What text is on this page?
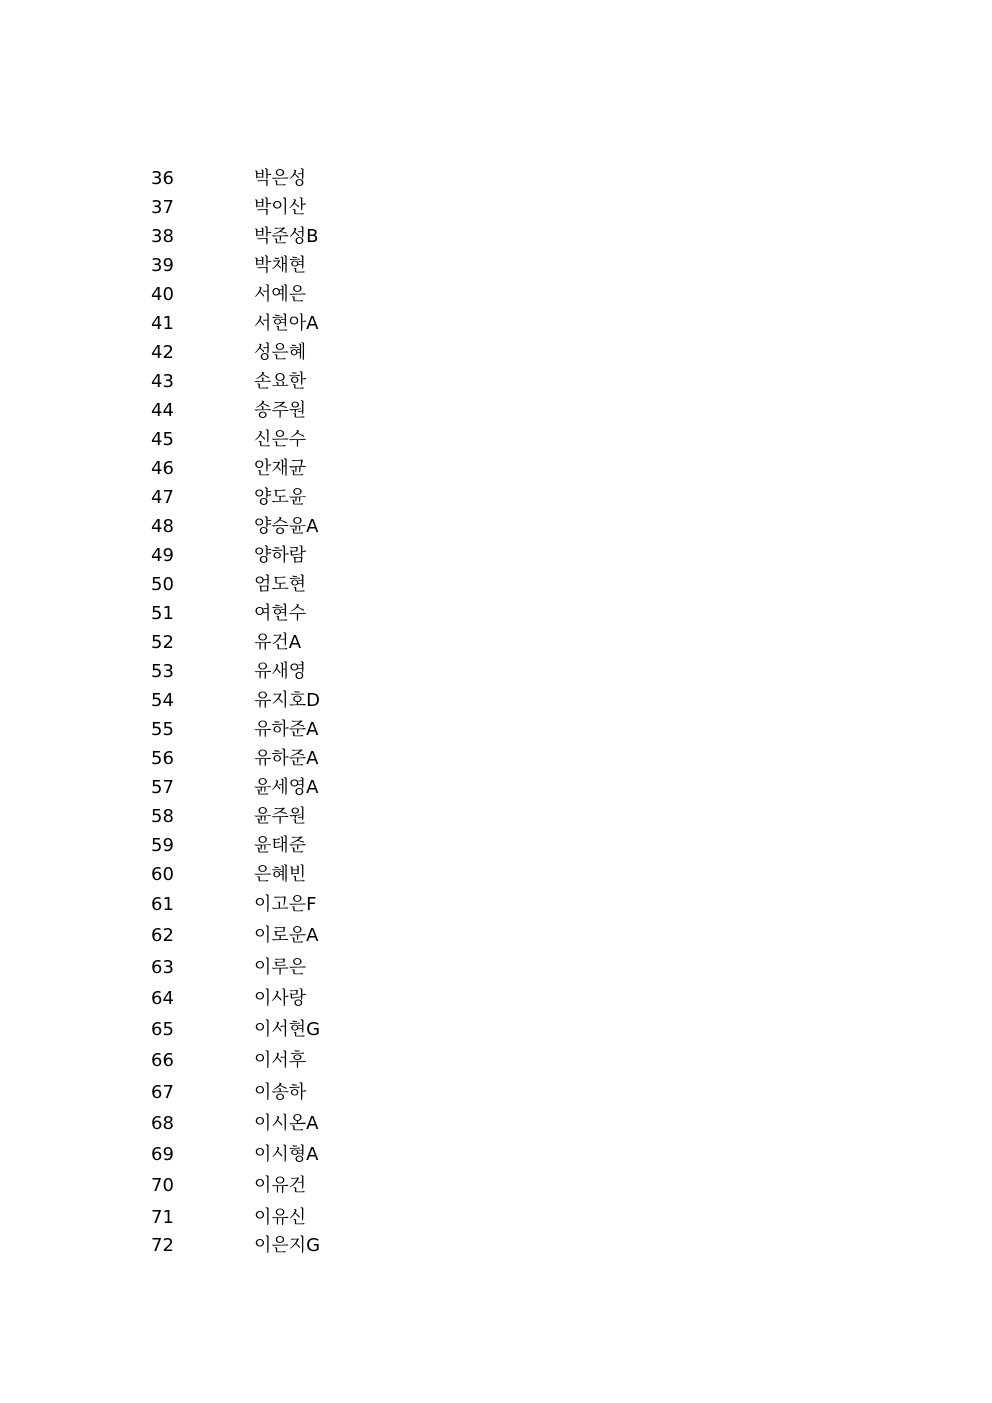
36	박은성
37	박이산
38	박준성B
39	박채현
40	서예은
41	서현아A
42	성은혜
43	손요한
44	송주원
45	신은수
46	안재균
47	양도윤
48	양승윤A
49	양하람
50	엄도현
51	여현수
52	유건A
53	유새영
54	유지호D
55	유하준A
56	유하준A
57	윤세영A
58	윤주원
59	윤태준
60	은혜빈
61	이고은F
62	이로운A
63	이루은
64	이사랑
65	이서현G
66	이서후
67	이송하
68	이시온A
69	이시형A
70	이유건
71	이유신
72	이은지G
